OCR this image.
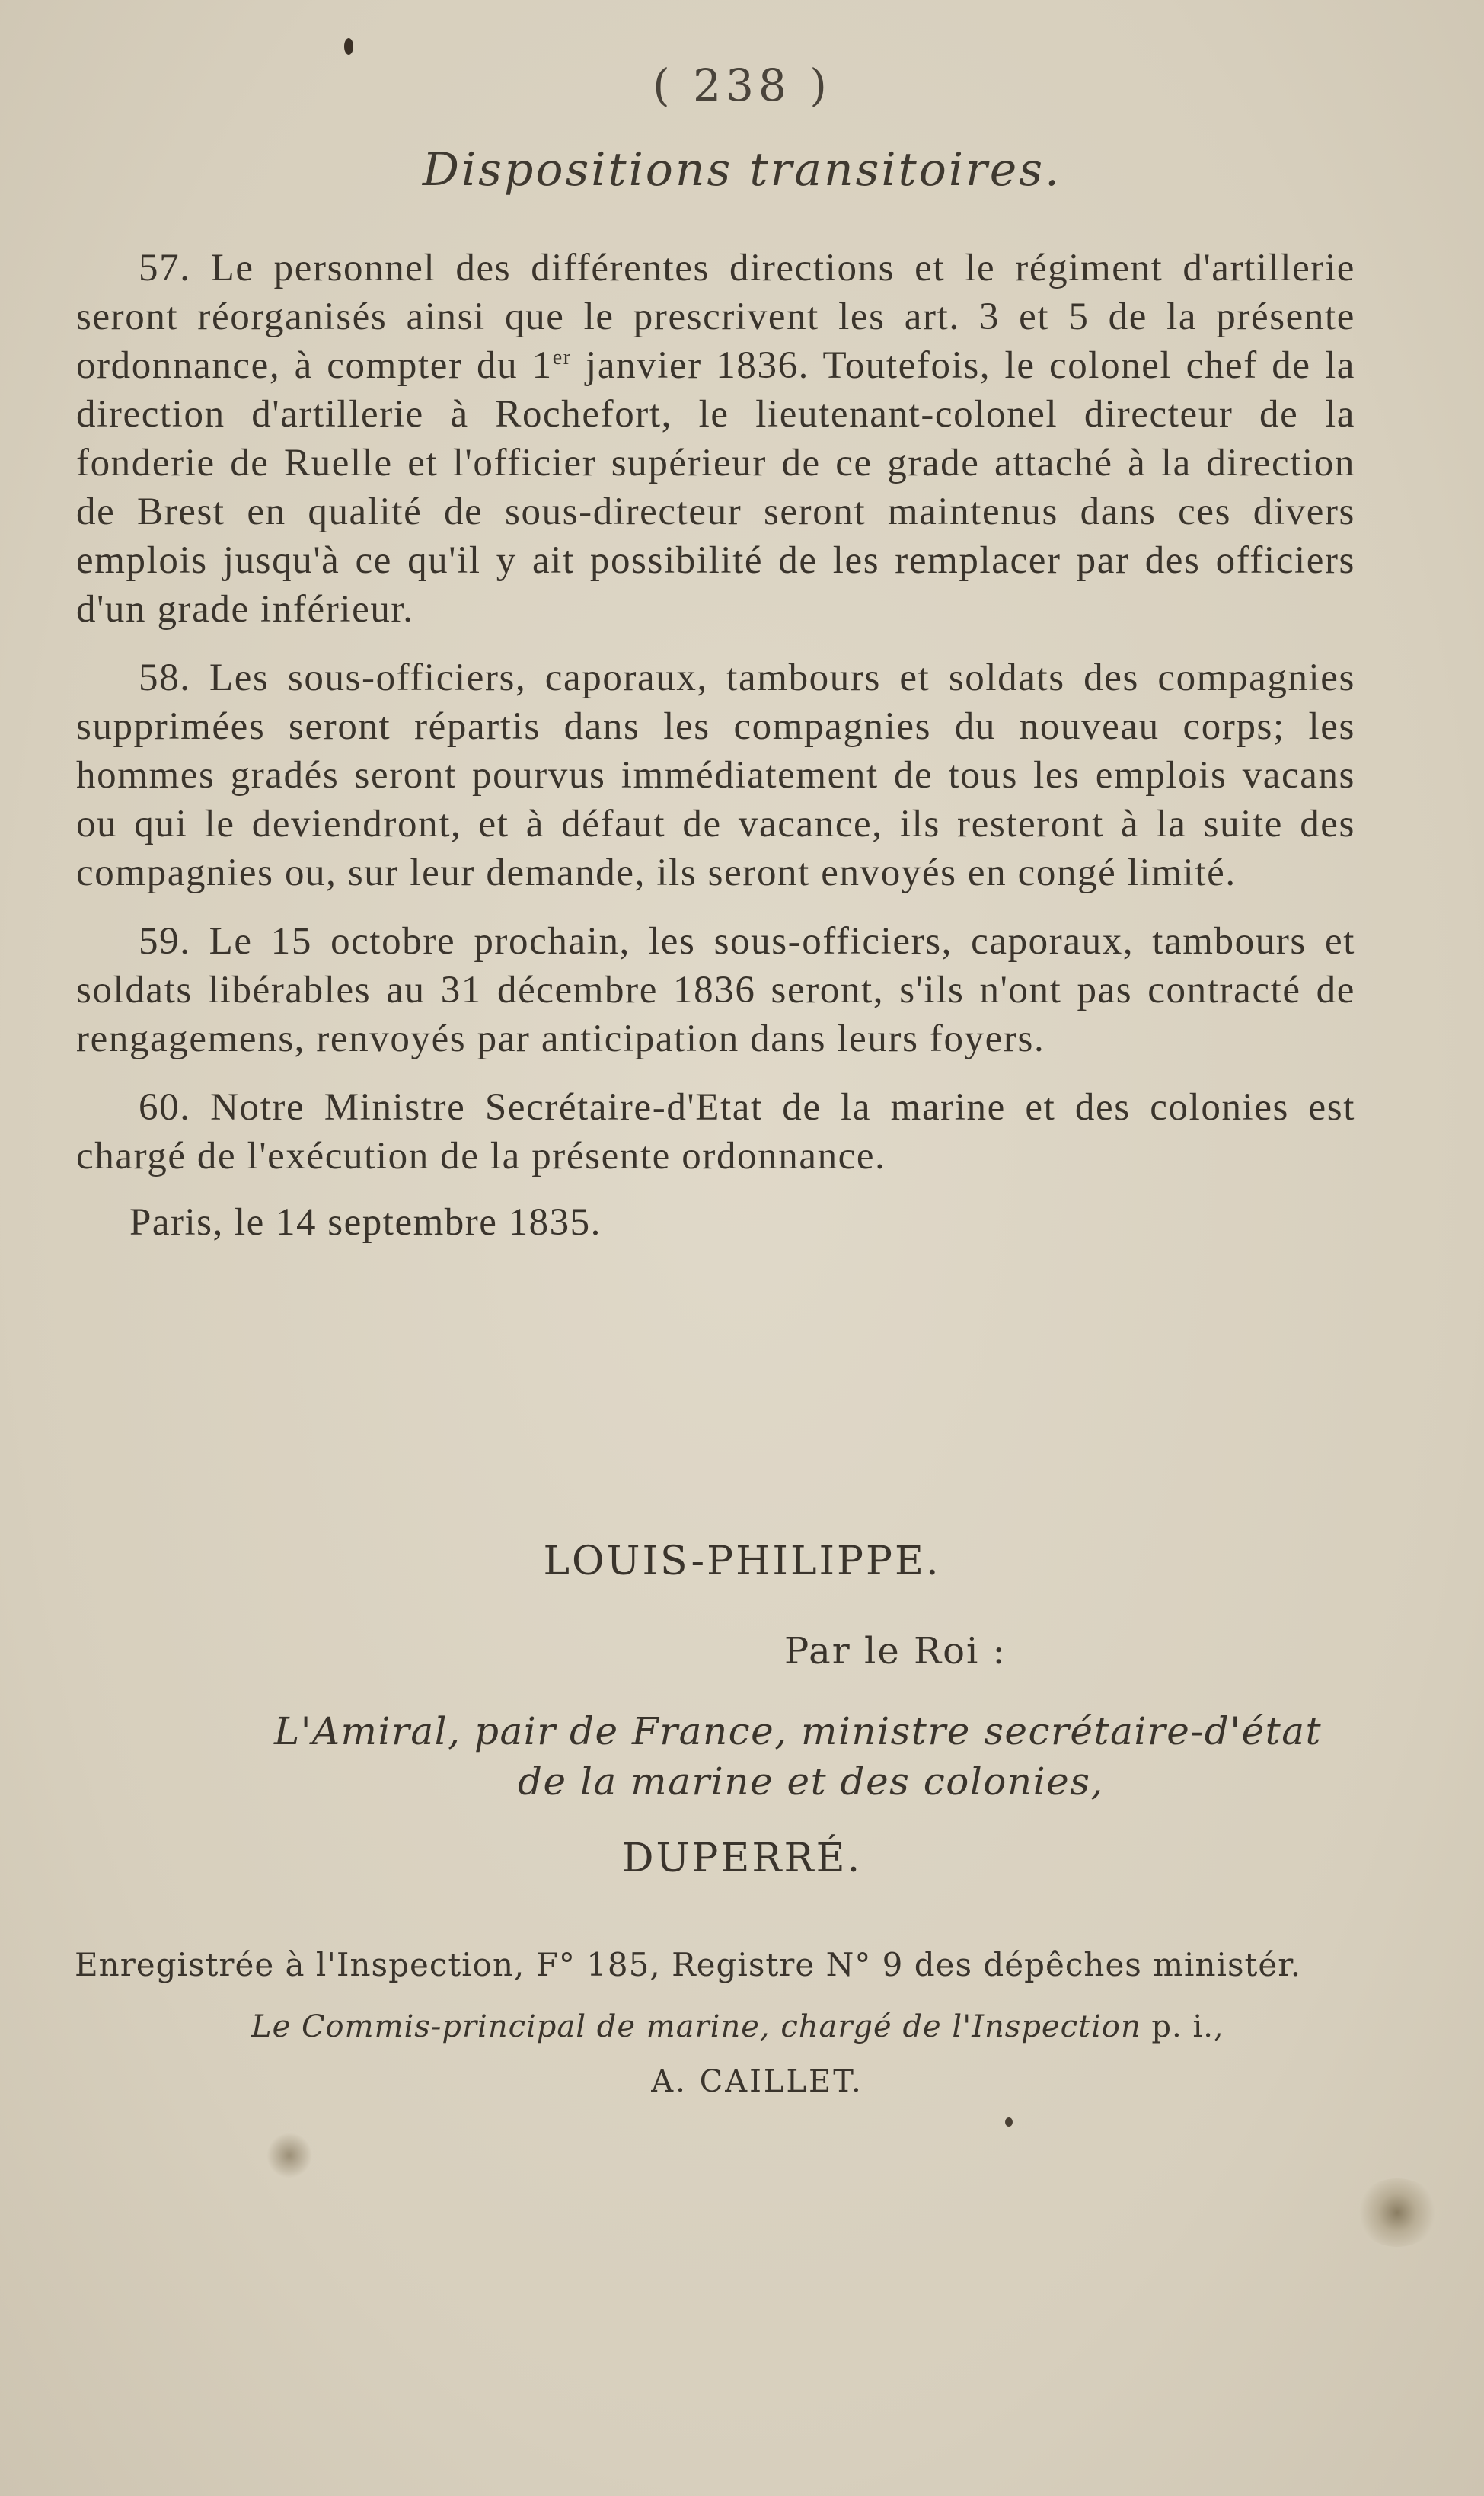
( 238 )
Dispositions transitoires.

57. Le personnel des différentes directions et le régiment d'artillerie seront réorganisés ainsi que le prescrivent les art. 3 et 5 de la présente ordonnance, à compter du 1er janvier 1836. Toutefois, le colonel chef de la direction d'artillerie à Rochefort, le lieutenant-colonel directeur de la fonderie de Ruelle et l'officier supérieur de ce grade attaché à la direction de Brest en qualité de sous-directeur seront maintenus dans ces divers emplois jusqu'à ce qu'il y ait possibilité de les remplacer par des officiers d'un grade inférieur.

58. Les sous-officiers, caporaux, tambours et soldats des compagnies supprimées seront répartis dans les compagnies du nouveau corps; les hommes gradés seront pourvus immédiatement de tous les emplois vacans ou qui le deviendront, et à défaut de vacance, ils resteront à la suite des compagnies ou, sur leur demande, ils seront envoyés en congé limité.

59. Le 15 octobre prochain, les sous-officiers, caporaux, tambours et soldats libérables au 31 décembre 1836 seront, s'ils n'ont pas contracté de rengagemens, renvoyés par anticipation dans leurs foyers.

60. Notre Ministre Secrétaire-d'Etat de la marine et des colonies est chargé de l'exécution de la présente ordonnance.

Paris, le 14 septembre 1835.
LOUIS-PHILIPPE.
Par le Roi :
L'Amiral, pair de France, ministre secrétaire-d'état
de la marine et des colonies,
DUPERRÉ.
Enregistrée à l'Inspection, F° 185, Registre N° 9 des dépêches ministér.
Le Commis-principal de marine, chargé de l'Inspection p. i.,
A. CAILLET.
